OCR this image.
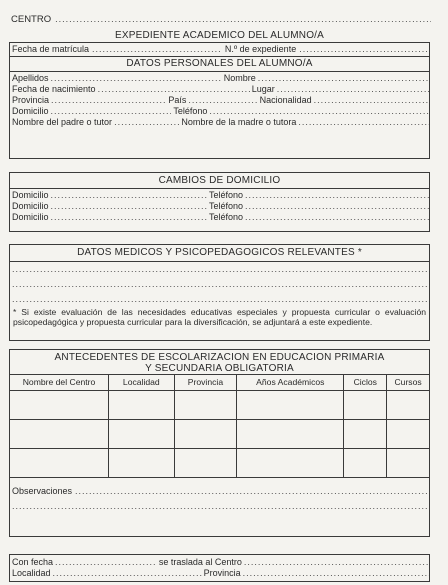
CENTRO
.....
EXPEDIENTE ACADEMICO DEL ALUMNO/A
Fecha de matrícula .....	N.º de expediente
.....
DATOS PERSONALES DEL ALUMNO/A
Apellidos .....	Nombre
.....
Fecha de nacimiento .....	Lugar
.....
Provincia .....	País .....	Nacionalidad
.....
Domicilio .....	Teléfono
.....
Nombre del padre o tutor .....	Nombre de la madre o tutora
.....
CAMBIOS DE DOMICILIO
Domicilio .....	Teléfono
.....
Domicilio .....	Teléfono
.....
Domicilio .....	Teléfono
.....
DATOS MEDICOS Y PSICOPEDAGOGICOS RELEVANTES *
.....
.....
.....
* Si existe evaluación de las necesidades educativas especiales y propuesta curricular o evaluación psicopedagógica y propuesta curricular para la diversificación, se adjuntará a este expediente.
ANTECEDENTES DE ESCOLARIZACION EN EDUCACION PRIMARIA
Y SECUNDARIA OBLIGATORIA
Nombre del Centro	Localidad	Provincia	Años Académicos	Ciclos	Cursos

Observaciones
.....
.....
Con fecha .....	se traslada al Centro
.....
Localidad .....	Provincia
.....
